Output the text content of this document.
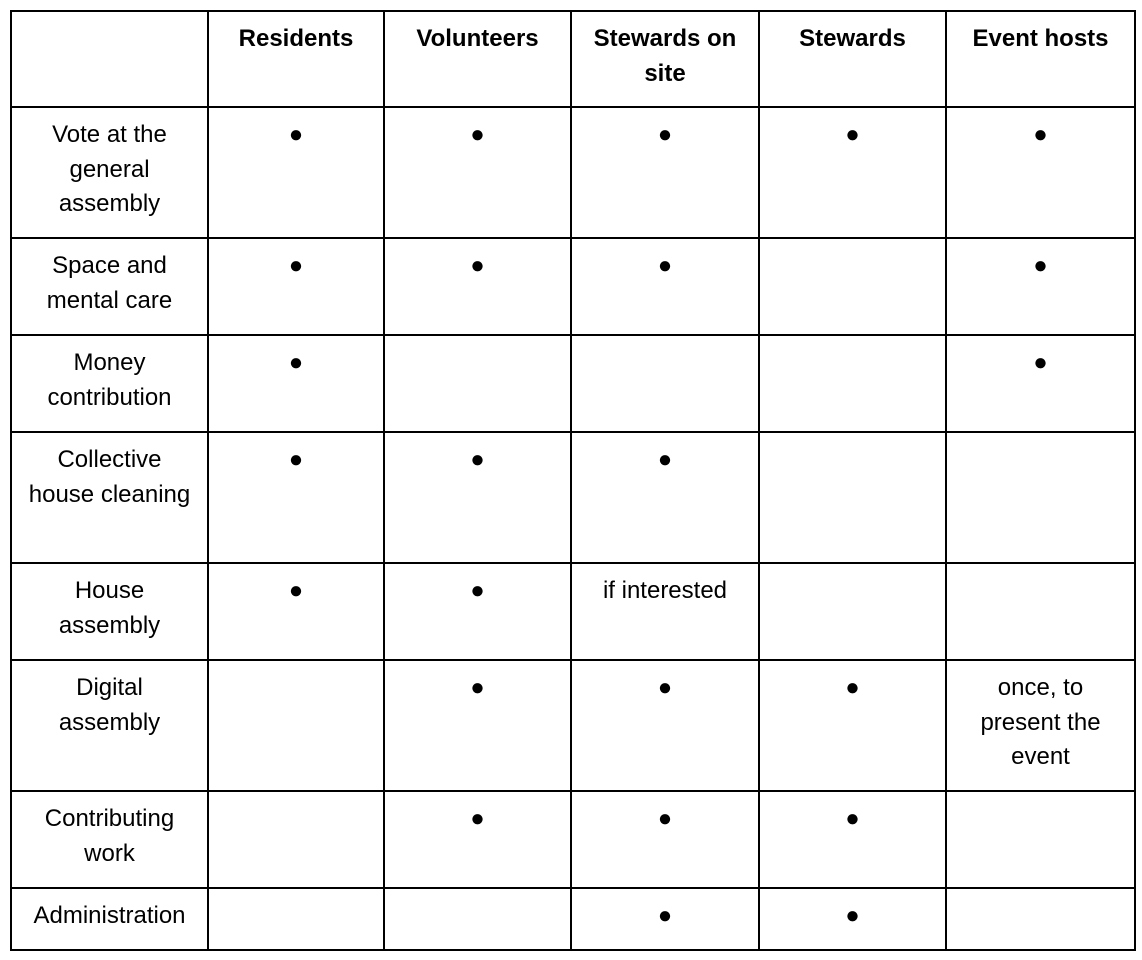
	Residents	Volunteers	Stewards on site	Stewards	Event hosts
Vote at the general assembly	●	●	●	●	●
Space and mental care	●	●	●		●
Money contribution	●				●
Collective house cleaning	●	●	●		
House assembly	●	●	if interested		
Digital assembly		●	●	●	once, to present the event
Contributing work		●	●	●	
Administration			●	●	
